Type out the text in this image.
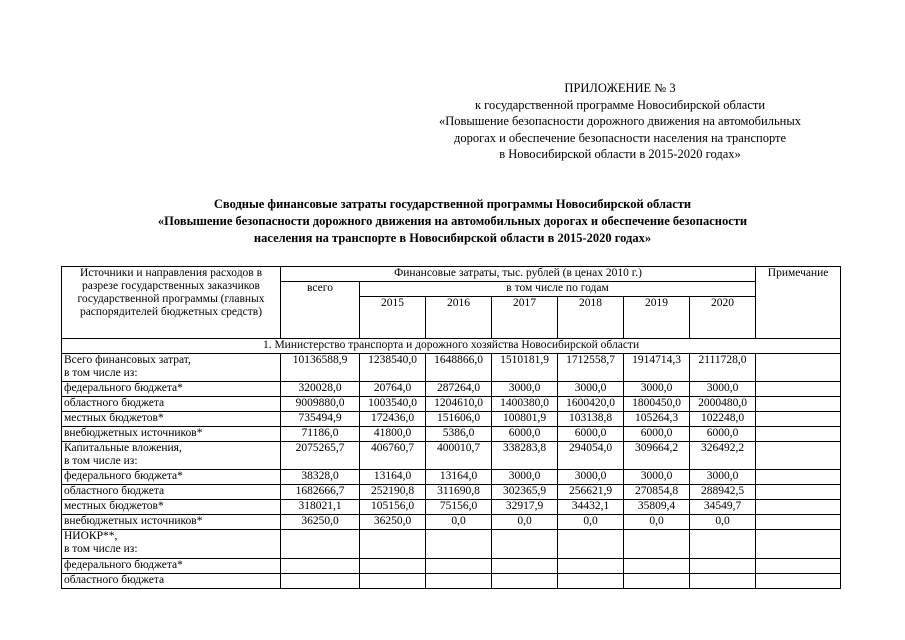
ПРИЛОЖЕНИЕ № 3
к государственной программе Новосибирской области
«Повышение безопасности дорожного движения на автомобильных
дорогах и обеспечение безопасности населения на транспорте
в Новосибирской области в 2015-2020 годах»
Сводные финансовые затраты государственной программы Новосибирской области
«Повышение безопасности дорожного движения на автомобильных дорогах и обеспечение безопасности
населения на транспорте в Новосибирской области в 2015-2020 годах»
Источники и направления расходов в разрезе государственных заказчиков государственной программы (главных распорядителей бюджетных средств)	Финансовые затраты, тыс. рублей (в ценах 2010 г.)							Примечание
	всего	в том числе по годам						
		2015	2016	2017	2018	2019	2020	
1. Министерство транспорта и дорожного хозяйства Новосибирской области								
Всего финансовых затрат,
в том числе из:	10136588,9	1238540,0	1648866,0	1510181,9	1712558,7	1914714,3	2111728,0	
федерального бюджета*	320028,0	20764,0	287264,0	3000,0	3000,0	3000,0	3000,0	
областного бюджета	9009880,0	1003540,0	1204610,0	1400380,0	1600420,0	1800450,0	2000480,0	
местных бюджетов*	735494,9	172436,0	151606,0	100801,9	103138,8	105264,3	102248,0	
внебюджетных источников*	71186,0	41800,0	5386,0	6000,0	6000,0	6000,0	6000,0	
Капитальные вложения,
в том числе из:	2075265,7	406760,7	400010,7	338283,8	294054,0	309664,2	326492,2	
федерального бюджета*	38328,0	13164,0	13164,0	3000,0	3000,0	3000,0	3000,0	
областного бюджета	1682666,7	252190,8	311690,8	302365,9	256621,9	270854,8	288942,5	
местных бюджетов*	318021,1	105156,0	75156,0	32917,9	34432,1	35809,4	34549,7	
внебюджетных источников*	36250,0	36250,0	0,0	0,0	0,0	0,0	0,0	
НИОКР**,
в том числе из:								
федерального бюджета*								
областного бюджета								
